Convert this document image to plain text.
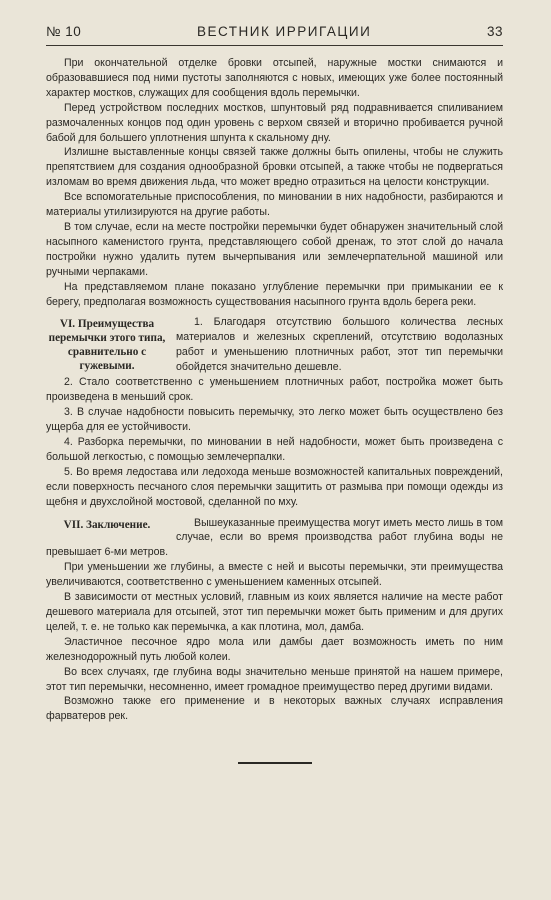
№ 10	ВЕСТНИК ИРРИГАЦИИ	33

При окончательной отделке бровки отсыпей, наружные мостки снимаются и образовавшиеся под ними пустоты заполняются с новых, имеющих уже более постоянный характер мостков, служащих для сообщения вдоль перемычки.

Перед устройством последних мостков, шпунтовый ряд подравнивается спиливанием размочаленных концов под один уровень с верхом связей и вторично пробивается ручной бабой для большего уплотнения шпунта к скальному дну.

Излишне выставленные концы связей также должны быть опилены, чтобы не служить препятствием для создания однообразной бровки отсыпей, а также чтобы не подвергаться изломам во время движения льда, что может вредно отразиться на целости конструкции.

Все вспомогательные приспособления, по миновании в них надобности, разбираются и материалы утилизируются на другие работы.

В том случае, если на месте постройки перемычки будет обнаружен значительный слой насыпного каменистого грунта, представляющего собой дренаж, то этот слой до начала постройки нужно удалить путем вычерпывания или землечерпательной машиной или ручными черпаками.

На представляемом плане показано углубление перемычки при примыкании ее к берегу, предполагая возможность существования насыпного грунта вдоль берега реки.

VI. Преимущества перемычки этого типа, сравнительно с гужевыми.

1. Благодаря отсутствию большого количества лесных материалов и железных скреплений, отсутствию водолазных работ и уменьшению плотничных работ, этот тип перемычки обойдется значительно дешевле.

2. Стало соответственно с уменьшением плотничных работ, постройка может быть произведена в меньший срок.

3. В случае надобности повысить перемычку, это легко может быть осуществлено без ущерба для ее устойчивости.

4. Разборка перемычки, по миновании в ней надобности, может быть произведена с большой легкостью, с помощью землечерпалки.

5. Во время ледостава или ледохода меньше возможностей капитальных повреждений, если поверхность песчаного слоя перемычки защитить от размыва при помощи одежды из щебня и двухслойной мостовой, сделанной по мху.

VII. Заключение.	Вышеуказанные преимущества могут иметь место лишь в том случае, если во время производства работ глубина воды не превышает 6-ми метров.

При уменьшении же глубины, а вместе с ней и высоты перемычки, эти преимущества увеличиваются, соответственно с уменьшением каменных отсыпей.

В зависимости от местных условий, главным из коих является наличие на месте работ дешевого материала для отсыпей, этот тип перемычки может быть применим и для других целей, т. е. не только как перемычка, а как плотина, мол, дамба.

Эластичное песочное ядро мола или дамбы дает возможность иметь по ним железнодорожный путь любой колеи.

Во всех случаях, где глубина воды значительно меньше принятой на нашем примере, этот тип перемычки, несомненно, имеет громадное преимущество перед другими видами.

Возможно также его применение и в некоторых важных случаях исправления фарватеров рек.
